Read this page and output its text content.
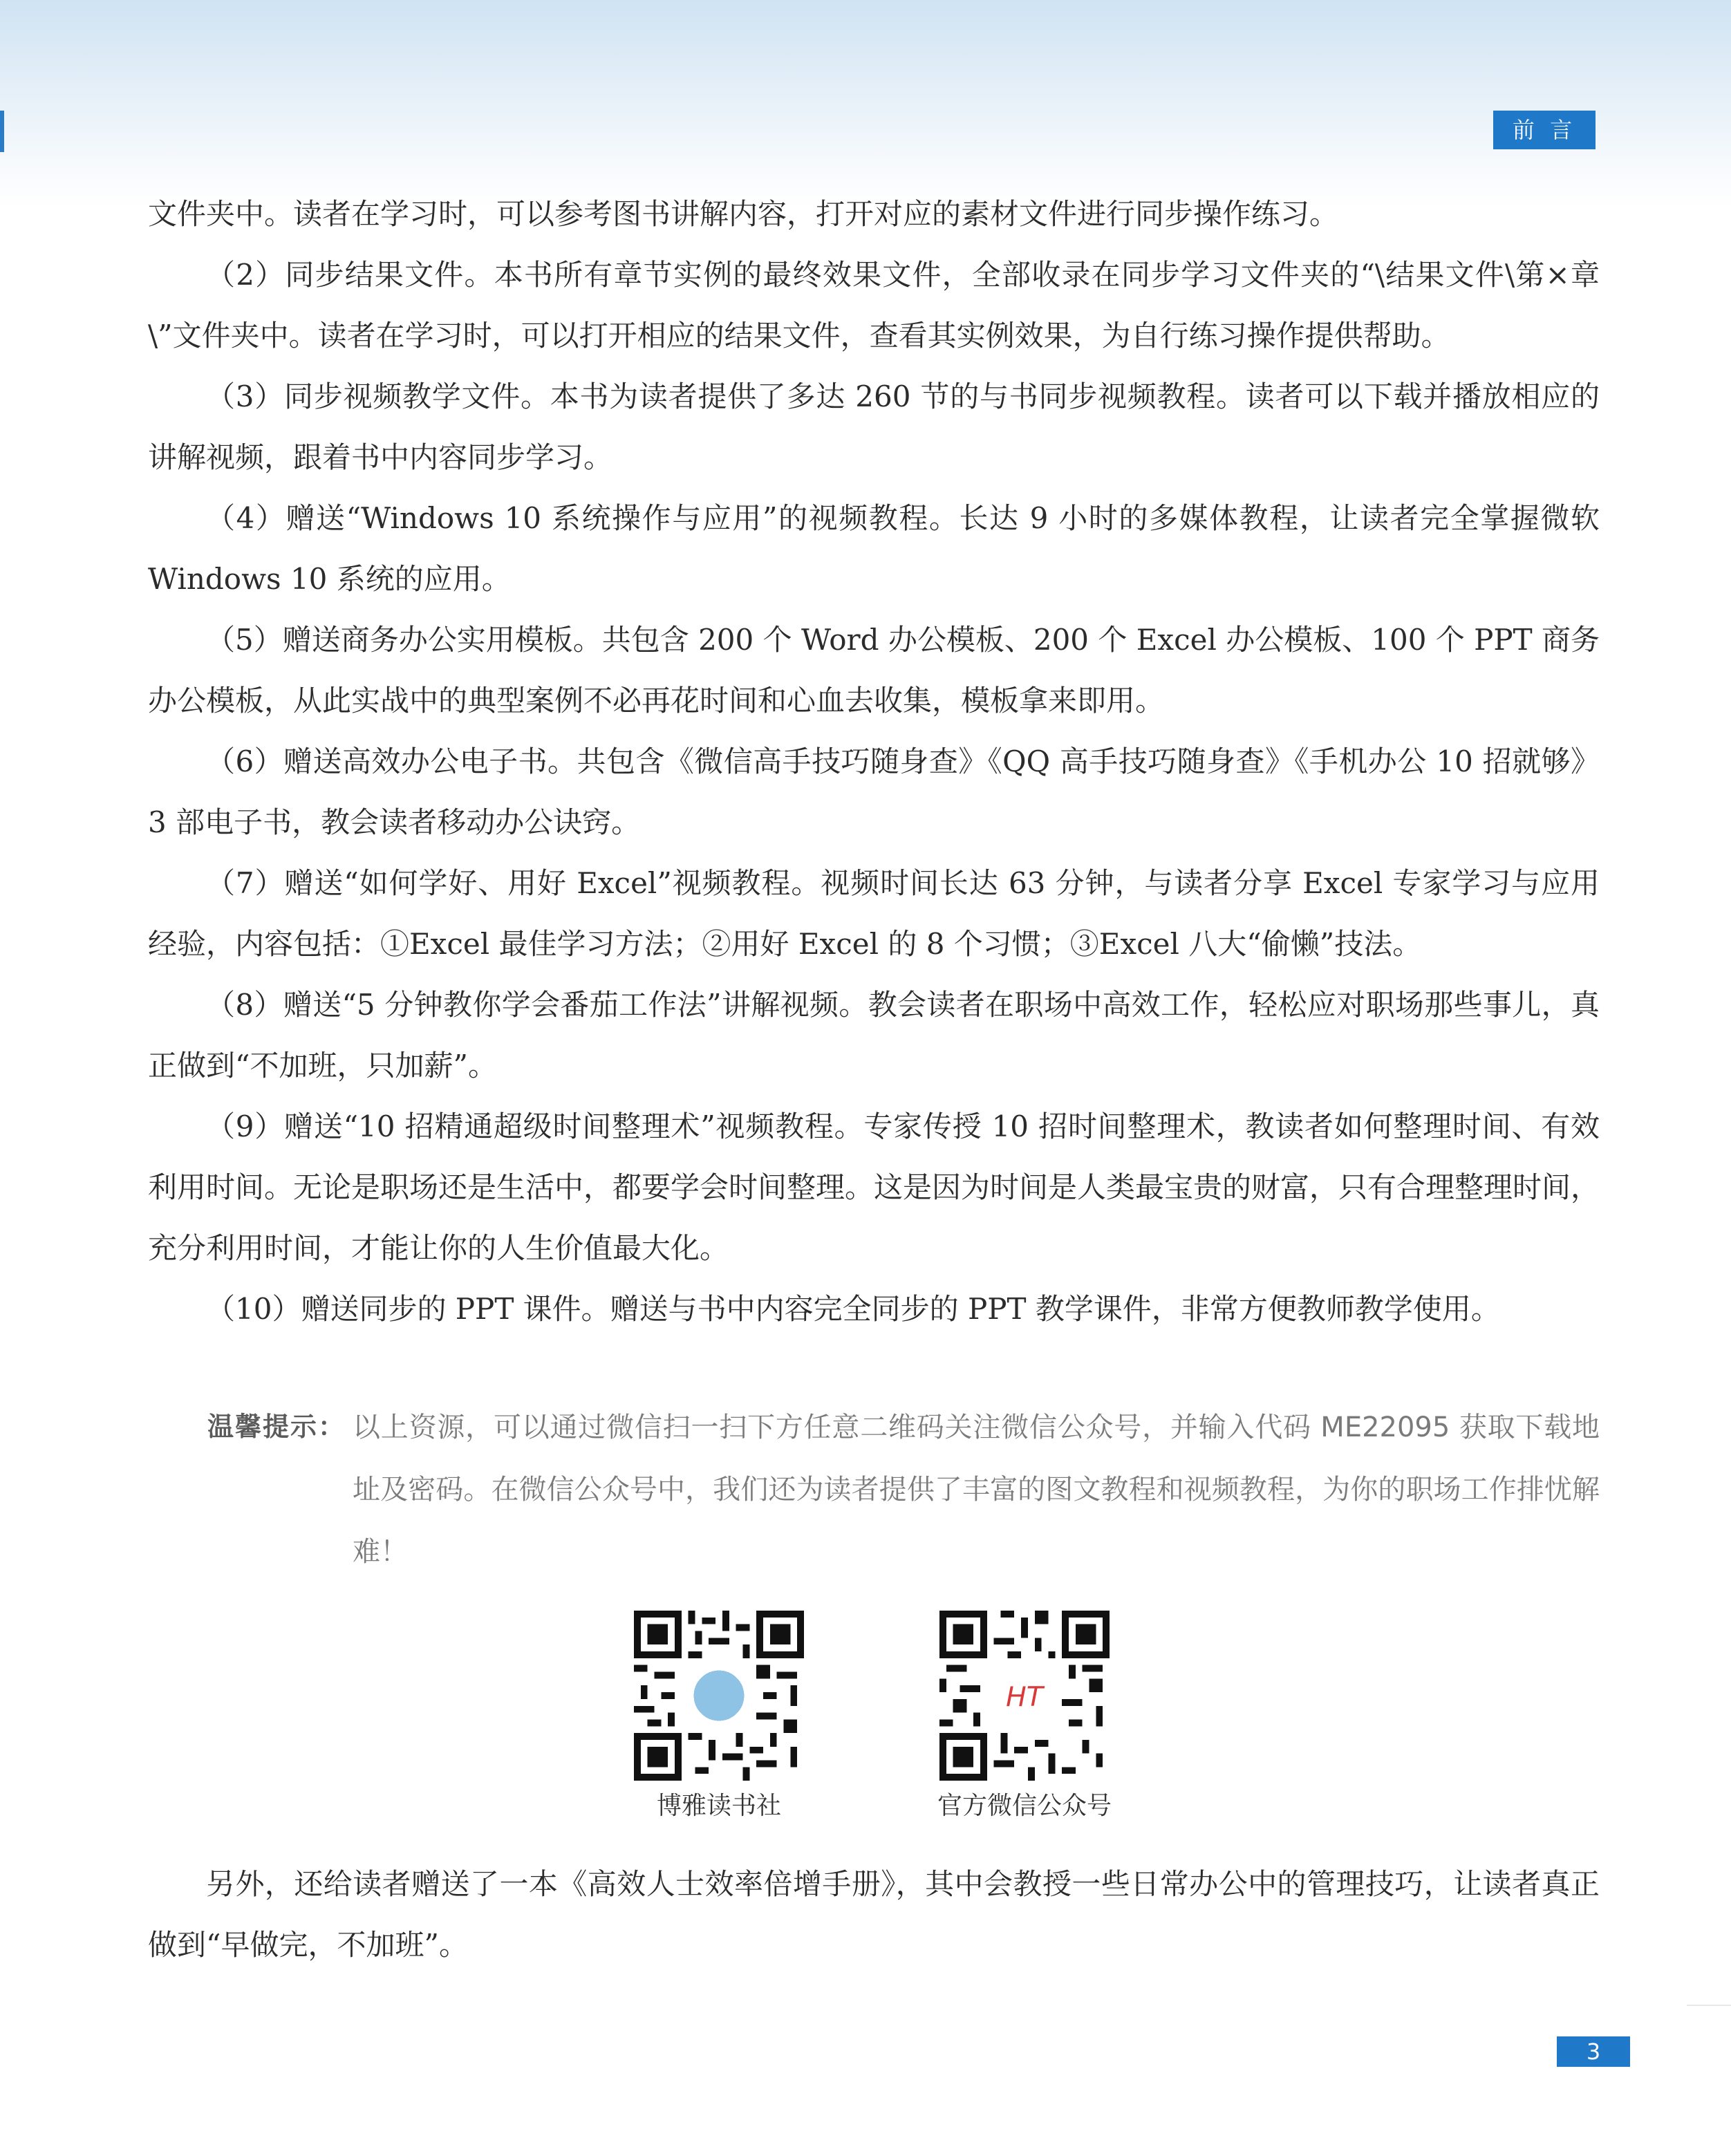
前 言

文件夹中。读者在学习时，可以参考图书讲解内容，打开对应的素材文件进行同步操作练习。

（2）同步结果文件。本书所有章节实例的最终效果文件，全部收录在同步学习文件夹的“\结果文件\第×章\”文件夹中。读者在学习时，可以打开相应的结果文件，查看其实例效果，为自行练习操作提供帮助。

（3）同步视频教学文件。本书为读者提供了多达 260 节的与书同步视频教程。读者可以下载并播放相应的讲解视频，跟着书中内容同步学习。

（4）赠送“Windows 10 系统操作与应用”的视频教程。长达 9 小时的多媒体教程，让读者完全掌握微软 Windows 10 系统的应用。

（5）赠送商务办公实用模板。共包含 200 个 Word 办公模板、200 个 Excel 办公模板、100 个 PPT 商务办公模板，从此实战中的典型案例不必再花时间和心血去收集，模板拿来即用。

（6）赠送高效办公电子书。共包含《微信高手技巧随身查》《QQ 高手技巧随身查》《手机办公 10 招就够》3 部电子书，教会读者移动办公诀窍。

（7）赠送“如何学好、用好 Excel”视频教程。视频时间长达 63 分钟，与读者分享 Excel 专家学习与应用经验，内容包括：①Excel 最佳学习方法；②用好 Excel 的 8 个习惯；③Excel 八大“偷懒”技法。

（8）赠送“5 分钟教你学会番茄工作法”讲解视频。教会读者在职场中高效工作，轻松应对职场那些事儿，真正做到“不加班，只加薪”。

（9）赠送“10 招精通超级时间整理术”视频教程。专家传授 10 招时间整理术，教读者如何整理时间、有效利用时间。无论是职场还是生活中，都要学会时间整理。这是因为时间是人类最宝贵的财富，只有合理整理时间，充分利用时间，才能让你的人生价值最大化。

（10）赠送同步的 PPT 课件。赠送与书中内容完全同步的 PPT 教学课件，非常方便教师教学使用。

温馨提示： 以上资源，可以通过微信扫一扫下方任意二维码关注微信公众号，并输入代码 ME22095 获取下载地址及密码。在微信公众号中，我们还为读者提供了丰富的图文教程和视频教程，为你的职场工作排忧解难！
博雅读书社
HT
官方微信公众号

另外，还给读者赠送了一本《高效人士效率倍增手册》，其中会教授一些日常办公中的管理技巧，让读者真正做到“早做完，不加班”。

3
